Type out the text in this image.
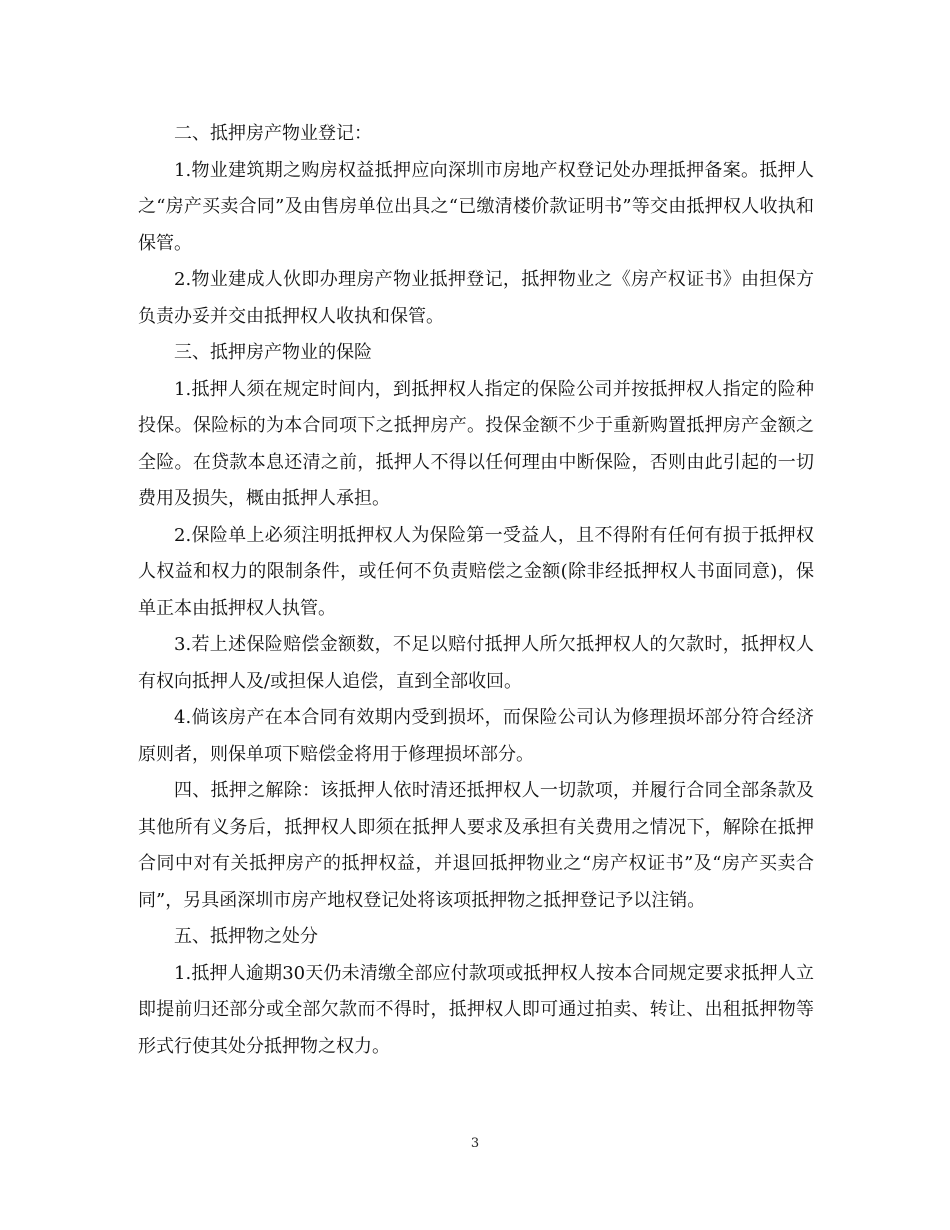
二、抵押房产物业登记：

1.物业建筑期之购房权益抵押应向深圳市房地产权登记处办理抵押备案。抵押人之“房产买卖合同”及由售房单位出具之“已缴清楼价款证明书”等交由抵押权人收执和保管。

2.物业建成人伙即办理房产物业抵押登记，抵押物业之《房产权证书》由担保方负责办妥并交由抵押权人收执和保管。

三、抵押房产物业的保险

1.抵押人须在规定时间内，到抵押权人指定的保险公司并按抵押权人指定的险种投保。保险标的为本合同项下之抵押房产。投保金额不少于重新购置抵押房产金额之全险。在贷款本息还清之前，抵押人不得以任何理由中断保险，否则由此引起的一切费用及损失，概由抵押人承担。

2.保险单上必须注明抵押权人为保险第一受益人，且不得附有任何有损于抵押权人权益和权力的限制条件，或任何不负责赔偿之金额(除非经抵押权人书面同意)，保单正本由抵押权人执管。

3.若上述保险赔偿金额数，不足以赔付抵押人所欠抵押权人的欠款时，抵押权人有权向抵押人及/或担保人追偿，直到全部收回。

4.倘该房产在本合同有效期内受到损坏，而保险公司认为修理损坏部分符合经济原则者，则保单项下赔偿金将用于修理损坏部分。

四、抵押之解除：该抵押人依时清还抵押权人一切款项，并履行合同全部条款及其他所有义务后，抵押权人即须在抵押人要求及承担有关费用之情况下，解除在抵押合同中对有关抵押房产的抵押权益，并退回抵押物业之“房产权证书”及“房产买卖合同”，另具函深圳市房产地权登记处将该项抵押物之抵押登记予以注销。

五、抵押物之处分

1.抵押人逾期30天仍未清缴全部应付款项或抵押权人按本合同规定要求抵押人立即提前归还部分或全部欠款而不得时，抵押权人即可通过拍卖、转让、出租抵押物等形式行使其处分抵押物之权力。

3
